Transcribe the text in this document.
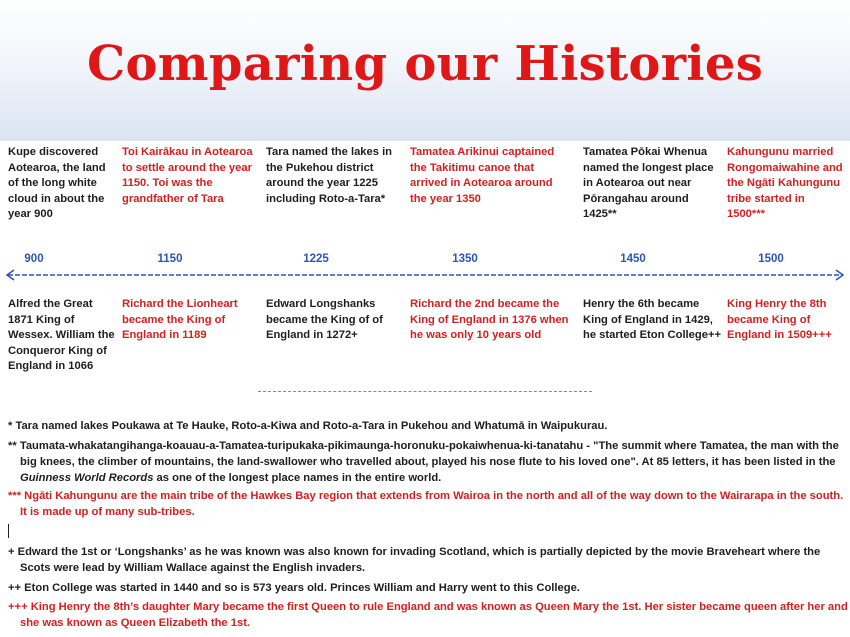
Comparing our Histories
Kupe discovered Aotearoa, the land of the long white cloud in about the year 900
Toi Kairākau in Aotearoa to settle around the year 1150. Toi was the grandfather of Tara
Tara named the lakes in the Pukehou district around the year 1225 including Roto-a-Tara*
Tamatea Arikinui captained the Takitimu canoe that arrived in Aotearoa around the year 1350
Tamatea Pōkai Whenua named the longest place in Aotearoa out near Pōrangahau around 1425**
Kahungunu married Rongomaiwahine and the Ngāti Kahungunu tribe started in 1500***
900	1150	1225	1350	1450	1500
Alfred the Great 1871 King of Wessex. William the Conqueror King of England in 1066
Richard the Lionheart became the King of England in 1189
Edward Longshanks became the King of of England in 1272+
Richard the 2nd became the King of England in 1376 when he was only 10 years old
Henry the 6th became King of England in 1429, he started Eton College++
King Henry the 8th became King of England in 1509+++
* Tara named lakes Poukawa at Te Hauke, Roto-a-Kiwa and Roto-a-Tara in Pukehou and Whatumā in Waipukurau.
** Taumata-whakatangihanga-koauau-a-Tamatea-turipukaka-pikimaunga-horonuku-pokaiwhenua-ki-tanatahu - "The summit where Tamatea, the man with the big knees, the climber of mountains, the land-swallower who travelled about, played his nose flute to his loved one". At 85 letters, it has been listed in the Guinness World Records as one of the longest place names in the entire world.
*** Ngāti Kahungunu are the main tribe of the Hawkes Bay region that extends from Wairoa in the north and all of the way down to the Wairarapa in the south. It is made up of many sub-tribes.
+ Edward the 1st or ‘Longshanks’ as he was known was also known for invading Scotland, which is partially depicted by the movie Braveheart where the Scots were lead by William Wallace against the English invaders.
++ Eton College was started in 1440 and so is 573 years old. Princes William and Harry went to this College.
+++ King Henry the 8th’s daughter Mary became the first Queen to rule England and was known as Queen Mary the 1st. Her sister became queen after her and she was known as Queen Elizabeth the 1st.
